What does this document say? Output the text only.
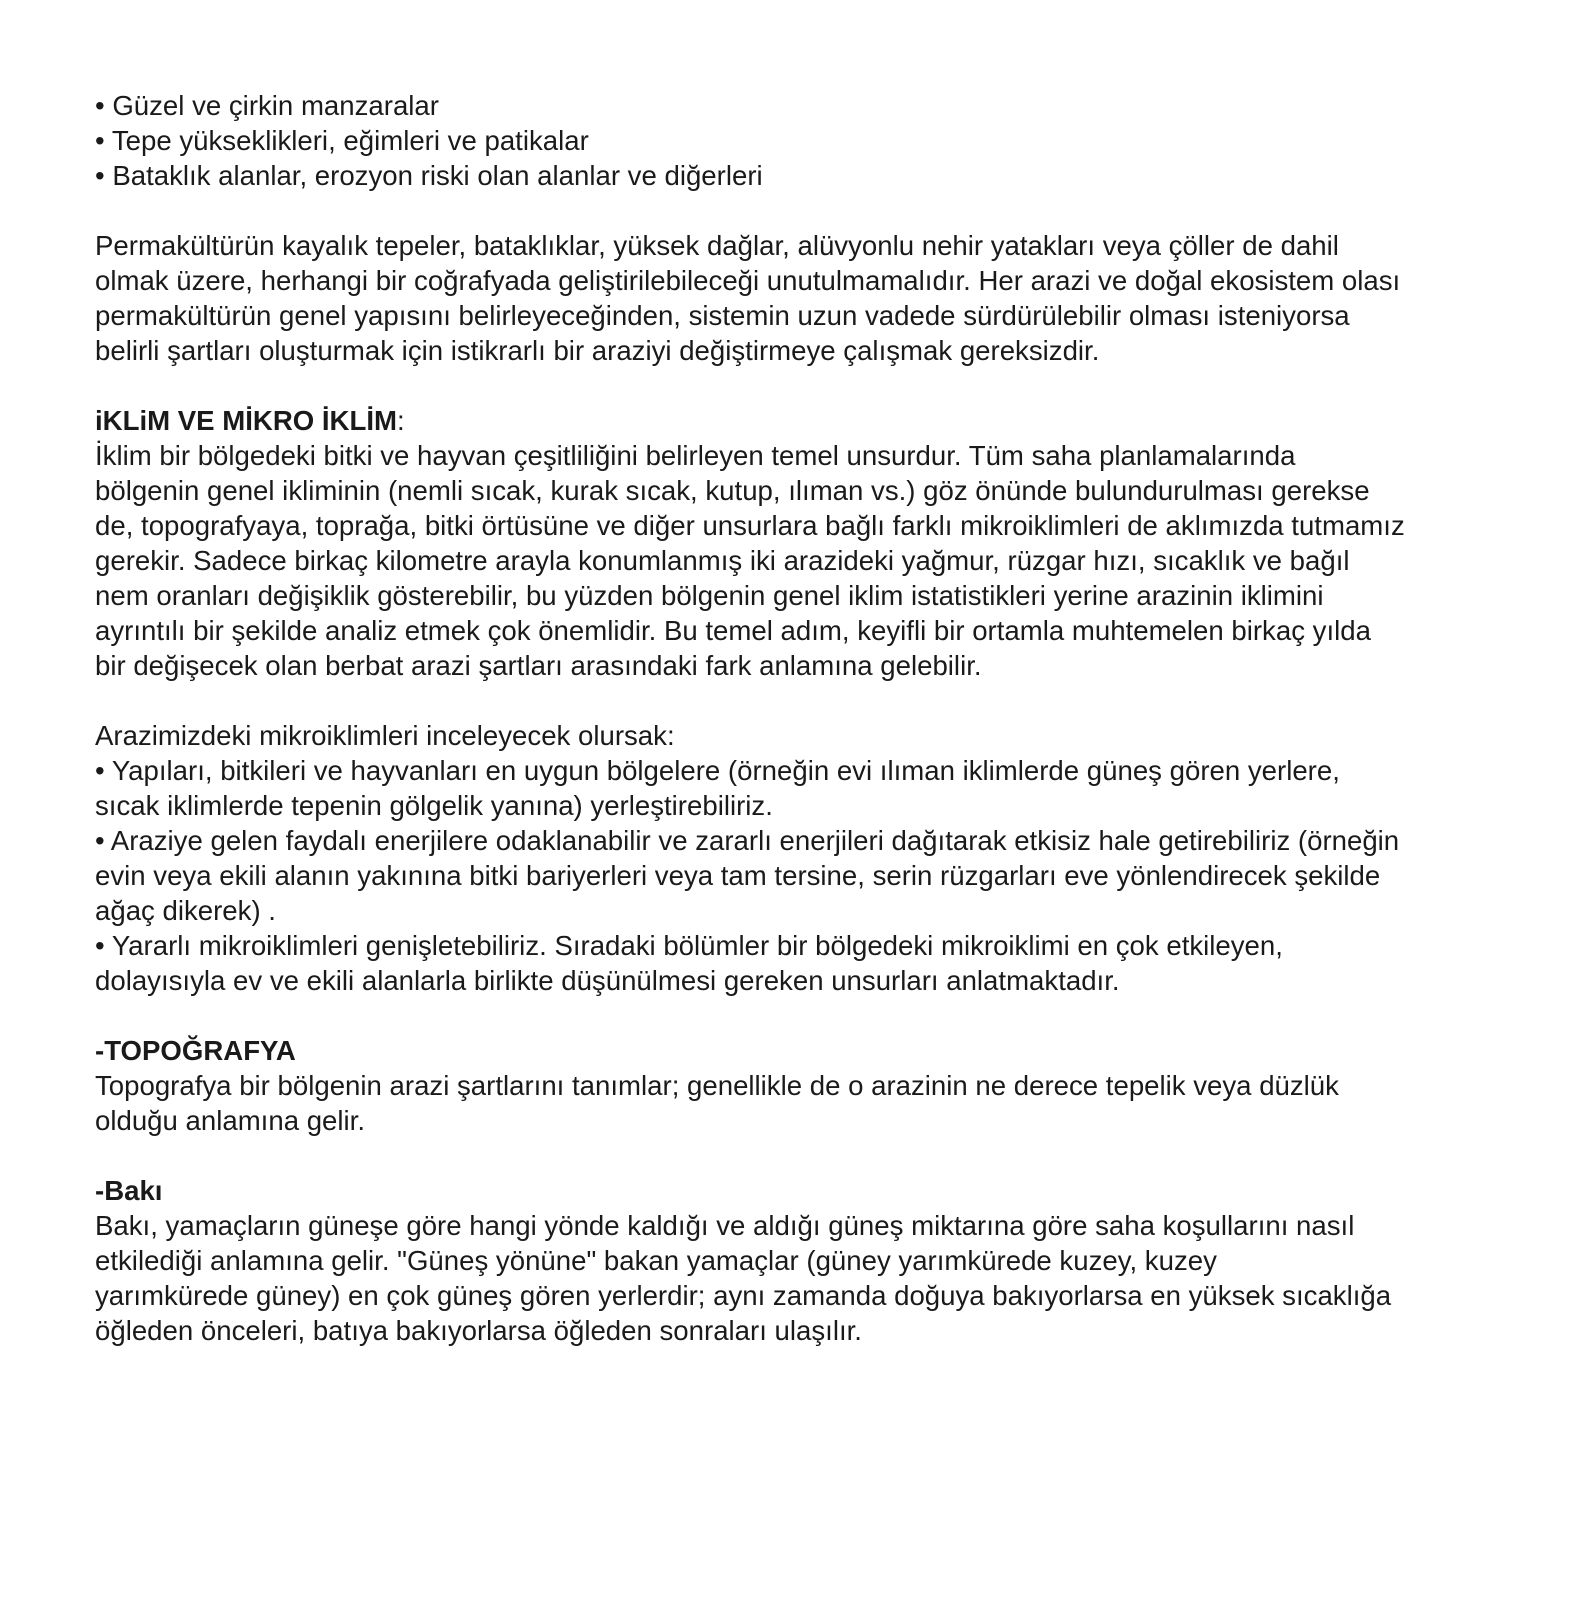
• Güzel ve çirkin manzaralar
• Tepe yükseklikleri, eğimleri ve patikalar
• Bataklık alanlar, erozyon riski olan alanlar ve diğerleri
Permakültürün kayalık tepeler, bataklıklar, yüksek dağlar, alüvyonlu nehir yatakları veya çöller de dahil
olmak üzere, herhangi bir coğrafyada geliştirilebileceği unutulmamalıdır. Her arazi ve doğal ekosistem olası
permakültürün genel yapısını belirleyeceğinden, sistemin uzun vadede sürdürülebilir olması isteniyorsa
belirli şartları oluşturmak için istikrarlı bir araziyi değiştirmeye çalışmak gereksizdir.
iKLiM VE MİKRO İKLİM:
İklim bir bölgedeki bitki ve hayvan çeşitliliğini belirleyen temel unsurdur. Tüm saha planlamalarında
bölgenin genel ikliminin (nemli sıcak, kurak sıcak, kutup, ılıman vs.) göz önünde bulundurulması gerekse
de, topografyaya, toprağa, bitki örtüsüne ve diğer unsurlara bağlı farklı mikroiklimleri de aklımızda tutmamız
gerekir. Sadece birkaç kilometre arayla konumlanmış iki arazideki yağmur, rüzgar hızı, sıcaklık ve bağıl
nem oranları değişiklik gösterebilir, bu yüzden bölgenin genel iklim istatistikleri yerine arazinin iklimini
ayrıntılı bir şekilde analiz etmek çok önemlidir. Bu temel adım, keyifli bir ortamla muhtemelen birkaç yılda
bir değişecek olan berbat arazi şartları arasındaki fark anlamına gelebilir.
Arazimizdeki mikroiklimleri inceleyecek olursak:
• Yapıları, bitkileri ve hayvanları en uygun bölgelere (örneğin evi ılıman iklimlerde güneş gören yerlere,
sıcak iklimlerde tepenin gölgelik yanına) yerleştirebiliriz.
• Araziye gelen faydalı enerjilere odaklanabilir ve zararlı enerjileri dağıtarak etkisiz hale getirebiliriz (örneğin
evin veya ekili alanın yakınına bitki bariyerleri veya tam tersine, serin rüzgarları eve yönlendirecek şekilde
ağaç dikerek) .
• Yararlı mikroiklimleri genişletebiliriz. Sıradaki bölümler bir bölgedeki mikroiklimi en çok etkileyen,
dolayısıyla ev ve ekili alanlarla birlikte düşünülmesi gereken unsurları anlatmaktadır.
-TOPOĞRAFYA
Topografya bir bölgenin arazi şartlarını tanımlar; genellikle de o arazinin ne derece tepelik veya düzlük
olduğu anlamına gelir.
-Bakı
Bakı, yamaçların güneşe göre hangi yönde kaldığı ve aldığı güneş miktarına göre saha koşullarını nasıl
etkilediği anlamına gelir. "Güneş yönüne" bakan yamaçlar (güney yarımkürede kuzey, kuzey
yarımkürede güney) en çok güneş gören yerlerdir; aynı zamanda doğuya bakıyorlarsa en yüksek sıcaklığa
öğleden önceleri, batıya bakıyorlarsa öğleden sonraları ulaşılır.
